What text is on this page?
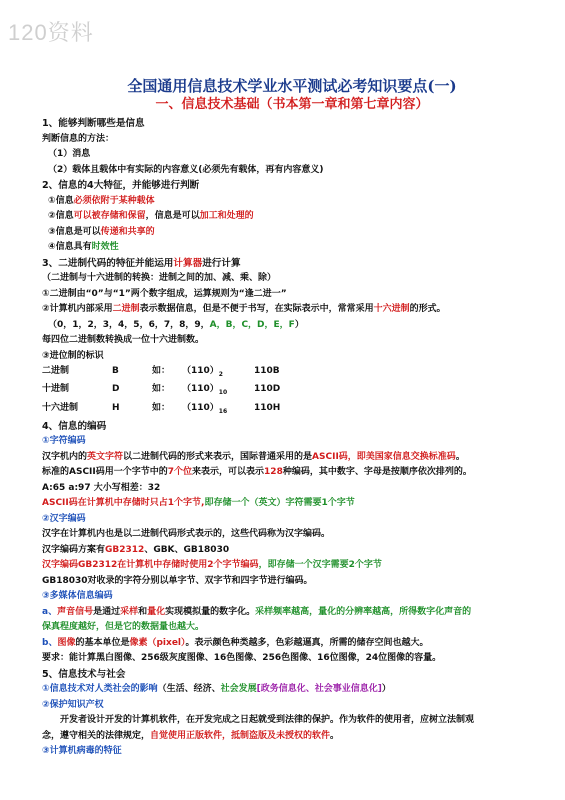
120资料
全国通用信息技术学业水平测试必考知识要点(一)
一、信息技术基础（书本第一章和第七章内容）
1、能够判断哪些是信息
判断信息的方法：
（1）消息
（2）载体且载体中有实际的内容意义(必须先有载体，再有内容意义)
2、信息的4大特征，并能够进行判断
①信息必须依附于某种载体
②信息可以被存储和保留，信息是可以加工和处理的
③信息是可以传递和共享的
④信息具有时效性
3、二进制代码的特征并能运用计算器进行计算
（二进制与十六进制的转换：进制之间的加、减、乘、除）
①二进制由“0”与“1”两个数字组成，运算规则为“逢二进一”
②计算机内部采用二进制表示数据信息，但是不便于书写，在实际表示中，常常采用十六进制的形式。
（0，1，2，3，4，5，6，7，8，9，A，B，C，D，E，F）
每四位二进制数转换成一位十六进制数。
③进位制的标识
二进制	B	如： $(110)_2$	110B
十进制	D	如： $(110)_{10}$	110D
十六进制	H	如： $(110)_{16}$	110H
4、信息的编码
①字符编码
汉字机内的英文字符以二进制代码的形式来表示，国际普通采用的是ASCII码，即美国家信息交换标准码。
标准的ASCII码用一个字节中的7个位来表示，可以表示128种编码，其中数字、字母是按顺序依次排列的。
A:65 a:97 大小写相差：32
ASCII码在计算机中存储时只占1个字节,即存储一个（英文）字符需要1个字节
②汉字编码
汉字在计算机内也是以二进制代码形式表示的，这些代码称为汉字编码。
汉字编码方案有GB2312、GBK、GB18030
汉字编码GB2312在计算机中存储时使用2个字节编码，即存储一个汉字需要2个字节
GB18030对收录的字符分别以单字节、双字节和四字节进行编码。
③多媒体信息编码
a、声音信号是通过采样和量化实现模拟量的数字化。采样频率越高，量化的分辨率越高，所得数字化声音的
保真程度越好，但是它的数据量也越大。
b、图像的基本单位是像素（pixel）。表示颜色种类越多，色彩越逼真，所需的储存空间也越大。
要求：能计算黑白图像、256级灰度图像、16色图像、256色图像、16位图像，24位图像的容量。
5、信息技术与社会
①信息技术对人类社会的影响（生活、经济、社会发展[政务信息化、社会事业信息化]）
②保护知识产权
开发者设计开发的计算机软件，在开发完成之日起就受到法律的保护。作为软件的使用者，应树立法制观
念，遵守相关的法律规定，自觉使用正版软件，抵制盗版及未授权的软件。
③计算机病毒的特征
